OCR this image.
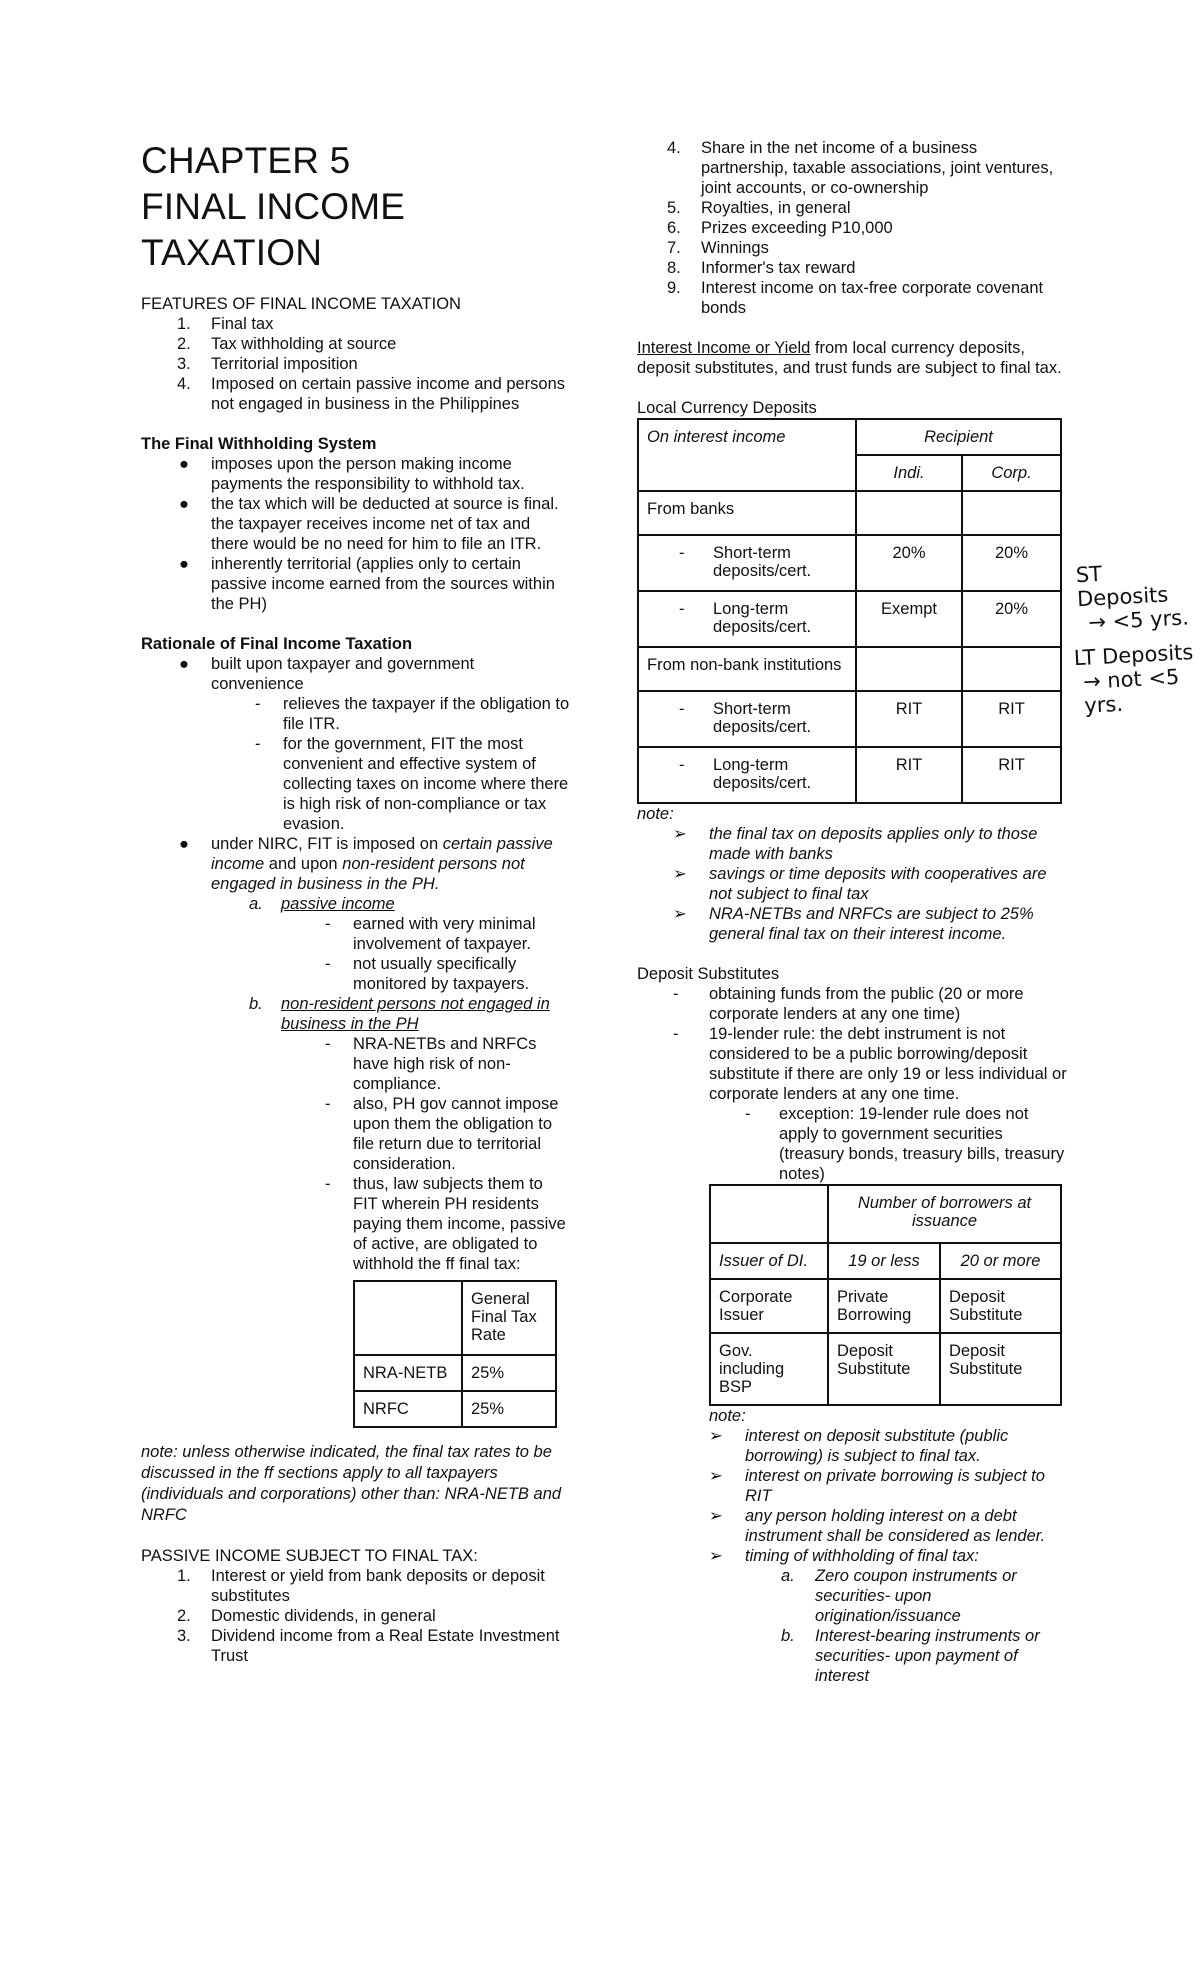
CHAPTER 5
FINAL INCOME
TAXATION
FEATURES OF FINAL INCOME TAXATION
1. Final tax
2. Tax withholding at source
3. Territorial imposition
4. Imposed on certain passive income and persons not engaged in business in the Philippines
The Final Withholding System
● imposes upon the person making income payments the responsibility to withhold tax.
● the tax which will be deducted at source is final. the taxpayer receives income net of tax and there would be no need for him to file an ITR.
● inherently territorial (applies only to certain passive income earned from the sources within the PH)
Rationale of Final Income Taxation
● built upon taxpayer and government convenience
- relieves the taxpayer if the obligation to file ITR.
- for the government, FIT the most convenient and effective system of collecting taxes on income where there is high risk of non-compliance or tax evasion.
● under NIRC, FIT is imposed on certain passive income and upon non-resident persons not engaged in business in the PH.
a. passive income
- earned with very minimal involvement of taxpayer.
- not usually specifically monitored by taxpayers.
b. non-resident persons not engaged in business in the PH
- NRA-NETBs and NRFCs have high risk of non-compliance.
- also, PH gov cannot impose upon them the obligation to file return due to territorial consideration.
- thus, law subjects them to FIT wherein PH residents paying them income, passive of active, are obligated to withhold the ff final tax:
	General Final Tax Rate
NRA-NETB	25%
NRFC	25%
note: unless otherwise indicated, the final tax rates to be discussed in the ff sections apply to all taxpayers (individuals and corporations) other than: NRA-NETB and NRFC
PASSIVE INCOME SUBJECT TO FINAL TAX:
1. Interest or yield from bank deposits or deposit substitutes
2. Domestic dividends, in general
3. Dividend income from a Real Estate Investment Trust
4. Share in the net income of a business partnership, taxable associations, joint ventures, joint accounts, or co-ownership
5. Royalties, in general
6. Prizes exceeding P10,000
7. Winnings
8. Informer's tax reward
9. Interest income on tax-free corporate covenant bonds
Interest Income or Yield from local currency deposits, deposit substitutes, and trust funds are subject to final tax.
Local Currency Deposits
On interest income	Recipient	
	Indi.	Corp.
From banks		

- Short-term deposits/cert.	20%	20%

- Long-term deposits/cert.	Exempt	20%
From non-bank institutions		

- Short-term deposits/cert.	RIT	RIT

- Long-term deposits/cert.	RIT	RIT
note:
➢ the final tax on deposits applies only to those made with banks
➢ savings or time deposits with cooperatives are not subject to final tax
➢ NRA-NETBs and NRFCs are subject to 25% general final tax on their interest income.
Deposit Substitutes
- obtaining funds from the public (20 or more corporate lenders at any one time)
- 19-lender rule: the debt instrument is not considered to be a public borrowing/deposit substitute if there are only 19 or less individual or corporate lenders at any one time.
- exception: 19-lender rule does not apply to government securities (treasury bonds, treasury bills, treasury notes)
	Number of borrowers at issuance	
Issuer of DI.	19 or less	20 or more
Corporate Issuer	Private Borrowing	Deposit Substitute
Gov. including BSP	Deposit Substitute	Deposit Substitute
note:
➢ interest on deposit substitute (public borrowing) is subject to final tax.
➢ interest on private borrowing is subject to RIT
➢ any person holding interest on a debt instrument shall be considered as lender.
➢ timing of withholding of final tax:
a. Zero coupon instruments or securities- upon origination/issuance
b. Interest-bearing instruments or securities- upon payment of interest
ST Deposits
→ <5 yrs.
LT Deposits
→ not <5 yrs.
